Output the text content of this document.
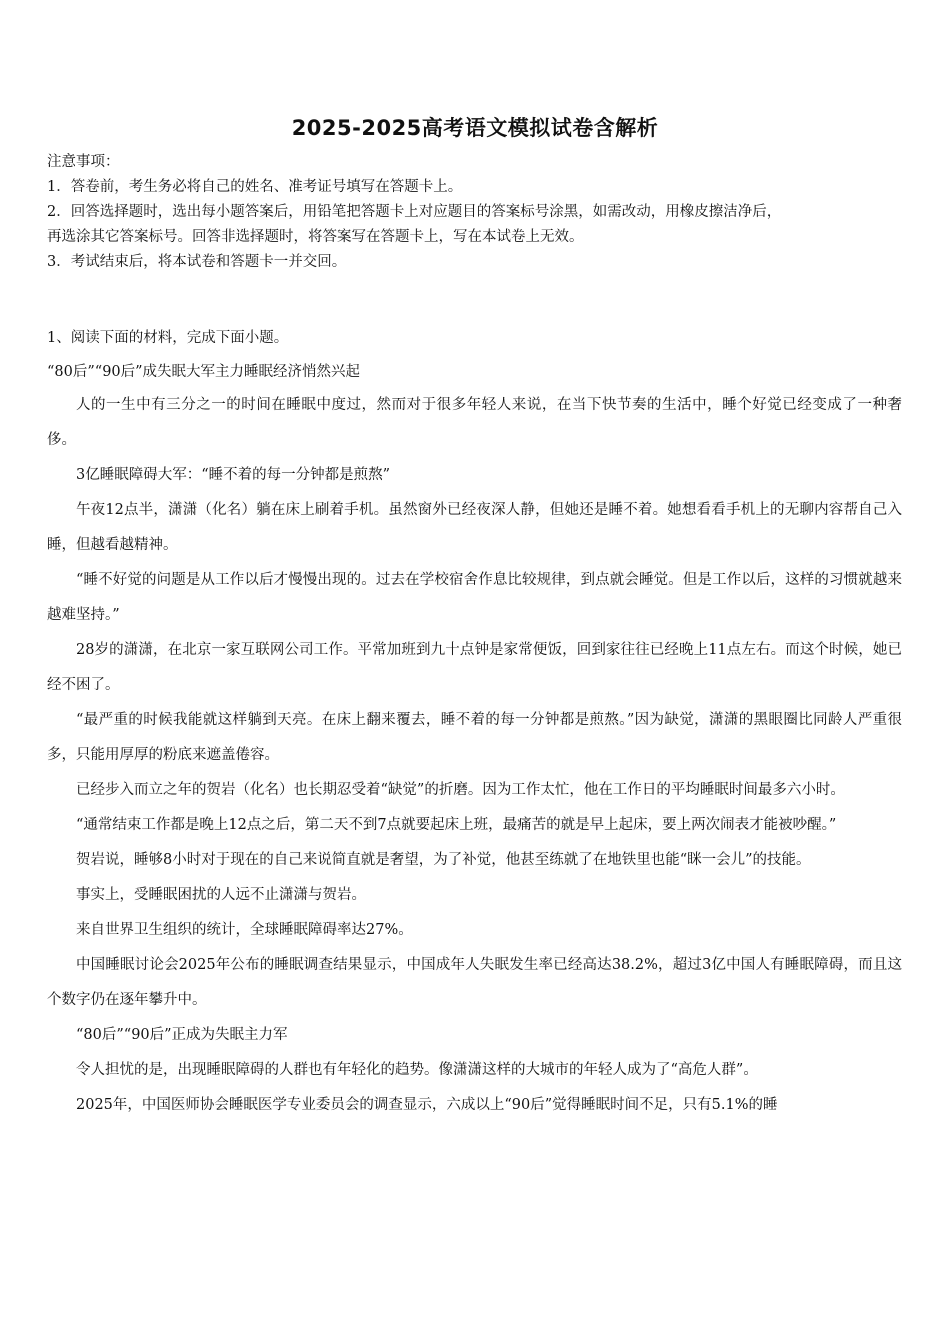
2025-2025高考语文模拟试卷含解析

注意事项：

1．答卷前，考生务必将自己的姓名、准考证号填写在答题卡上。

2．回答选择题时，选出每小题答案后，用铅笔把答题卡上对应题目的答案标号涂黑，如需改动，用橡皮擦洁净后，

再选涂其它答案标号。回答非选择题时，将答案写在答题卡上，写在本试卷上无效。

3．考试结束后，将本试卷和答题卡一并交回。

1、阅读下面的材料，完成下面小题。
“80后”“90后”成失眠大军主力睡眠经济悄然兴起

人的一生中有三分之一的时间在睡眠中度过，然而对于很多年轻人来说，在当下快节奏的生活中，睡个好觉已经变成了一种奢侈。

3亿睡眠障碍大军：“睡不着的每一分钟都是煎熬”

午夜12点半，潇潇（化名）躺在床上刷着手机。虽然窗外已经夜深人静，但她还是睡不着。她想看看手机上的无聊内容帮自己入睡，但越看越精神。

“睡不好觉的问题是从工作以后才慢慢出现的。过去在学校宿舍作息比较规律，到点就会睡觉。但是工作以后，这样的习惯就越来越难坚持。”

28岁的潇潇，在北京一家互联网公司工作。平常加班到九十点钟是家常便饭，回到家往往已经晚上11点左右。而这个时候，她已经不困了。

“最严重的时候我能就这样躺到天亮。在床上翻来覆去，睡不着的每一分钟都是煎熬。”因为缺觉，潇潇的黑眼圈比同龄人严重很多，只能用厚厚的粉底来遮盖倦容。

已经步入而立之年的贺岩（化名）也长期忍受着“缺觉”的折磨。因为工作太忙，他在工作日的平均睡眠时间最多六小时。

“通常结束工作都是晚上12点之后，第二天不到7点就要起床上班，最痛苦的就是早上起床，要上两次闹表才能被吵醒。”

贺岩说，睡够8小时对于现在的自己来说简直就是奢望，为了补觉，他甚至练就了在地铁里也能“眯一会儿”的技能。

事实上，受睡眠困扰的人远不止潇潇与贺岩。

来自世界卫生组织的统计，全球睡眠障碍率达27%。

中国睡眠讨论会2025年公布的睡眠调查结果显示，中国成年人失眠发生率已经高达38.2%，超过3亿中国人有睡眠障碍，而且这个数字仍在逐年攀升中。

“80后”“90后”正成为失眠主力军

令人担忧的是，出现睡眠障碍的人群也有年轻化的趋势。像潇潇这样的大城市的年轻人成为了“高危人群”。

2025年，中国医师协会睡眠医学专业委员会的调查显示，六成以上“90后”觉得睡眠时间不足，只有5.1%的睡
